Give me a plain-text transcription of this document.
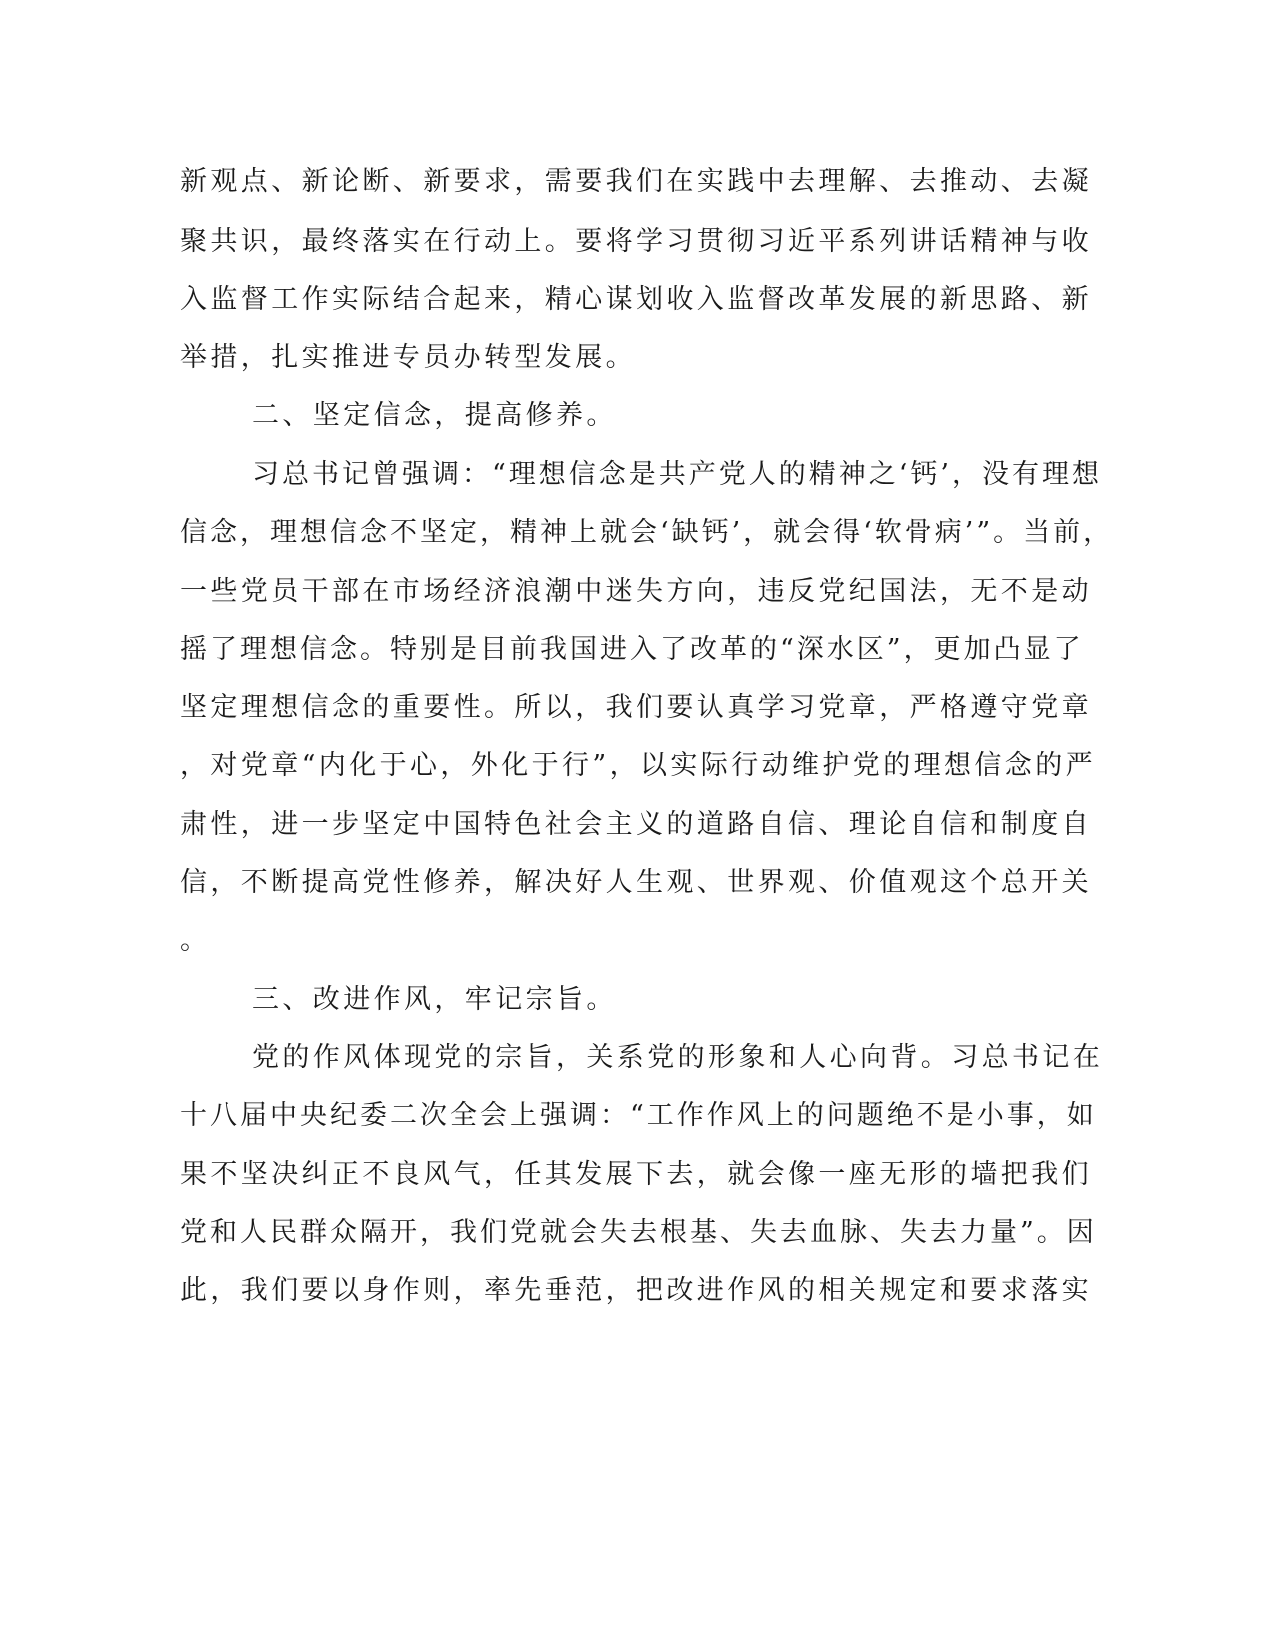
新观点、新论断、新要求，需要我们在实践中去理解、去推动、去凝
聚共识，最终落实在行动上。要将学习贯彻习近平系列讲话精神与收
入监督工作实际结合起来，精心谋划收入监督改革发展的新思路、新
举措，扎实推进专员办转型发展。
二、坚定信念，提高修养。
习总书记曾强调：“理想信念是共产党人的精神之‘钙’，没有理想
信念，理想信念不坚定，精神上就会‘缺钙’，就会得‘软骨病’”。当前，
一些党员干部在市场经济浪潮中迷失方向，违反党纪国法，无不是动
摇了理想信念。特别是目前我国进入了改革的“深水区”，更加凸显了
坚定理想信念的重要性。所以，我们要认真学习党章，严格遵守党章
，对党章“内化于心，外化于行”，以实际行动维护党的理想信念的严
肃性，进一步坚定中国特色社会主义的道路自信、理论自信和制度自
信，不断提高党性修养，解决好人生观、世界观、价值观这个总开关
。
三、改进作风，牢记宗旨。
党的作风体现党的宗旨，关系党的形象和人心向背。习总书记在
十八届中央纪委二次全会上强调：“工作作风上的问题绝不是小事，如
果不坚决纠正不良风气，任其发展下去，就会像一座无形的墙把我们
党和人民群众隔开，我们党就会失去根基、失去血脉、失去力量”。因
此，我们要以身作则，率先垂范，把改进作风的相关规定和要求落实
